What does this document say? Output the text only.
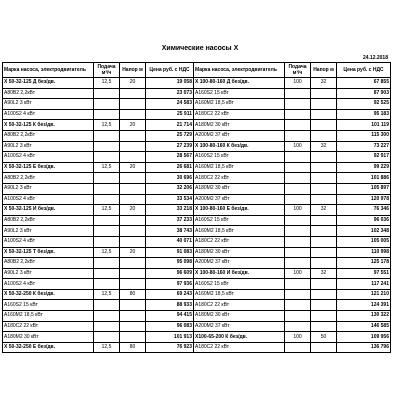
Химические насосы Х
24.12.2018
Марка насоса, электродвигатель	Подача м³/ч	Напор м	Цена руб. с НДС	Марка насоса, электродвигатель	Подача м³/ч	Напор м	Цена руб. с НДС
Х 50-32-125 Д без/дв.	12,5	20	19 058	Х 100-80-160 Д без/дв.	100	32	67 855
А80В2 2,2кВт			23 073	А160S2 15 кВт			87 903
А90L2 3 кВт			24 583	А160М2 18,5 кВт			92 525
А100S2 4 кВт			25 911	А180С2 22 кВт			95 183
Х 50-32-125 К без/дв.	12,5	20	21 714	А180М2 30 кВт			101 119
А80В2 2,2кВт			25 729	А200М2 37 кВт			115 300
А90L2 3 кВт			27 239	Х 100-80-160 К без/дв.	100	32	73 227
А100S2 4 кВт			28 567	А160S2 15 кВт			92 917
Х 50-32-125 Е без/дв.	12,5	20	26 681	А160М2 18,5 кВт			99 229
А80В2 2,2кВт			30 696	А180С2 22 кВт			101 886
А90L2 3 кВт			32 206	А180М2 30 кВт			105 897
А100S2 4 кВт			33 534	А200М2 37 кВт			120 978
Х 50-32-125 И без/дв.	12,5	20	33 218	Х 100-80-160 Е без/дв.	100	32	76 346
А80В2 2,2кВт			37 233	А160S2 15 кВт			96 036
А90L2 3 кВт			38 743	А160М2 18,5 кВт			102 348
А100S2 4 кВт			40 071	А180С2 22 кВт			105 005
Х 50-32-125 Т без/дв.	12,5	20	91 083	А180М2 30 кВт			110 998
А80В2 2,2кВт			95 098	А200М2 37 кВт			125 178
А90L2 3 кВт			96 609	Х 100-80-160 И без/дв.	100	32	97 551
А100S2 4 кВт			97 936	А160S2 15 кВт			117 241
Х 50-32-250 К без/дв.	12,5	80	69 243	А160М2 18,5 кВт			121 210
А160S2 15 кВт			88 933	А180С2 22 кВт			124 391
А160М2 18,5 кВт			94 415	А180М2 30 кВт			130 322
А180С2 22 кВт			96 083	А200М2 37 кВт			146 585
А180М2 30 кВт			101 913	Х100-65-200 К без/дв.	100	50	109 956
Х 50-32-250 Е без/дв.	12,5	80	76 923	А180С2 22 кВт			136 796
